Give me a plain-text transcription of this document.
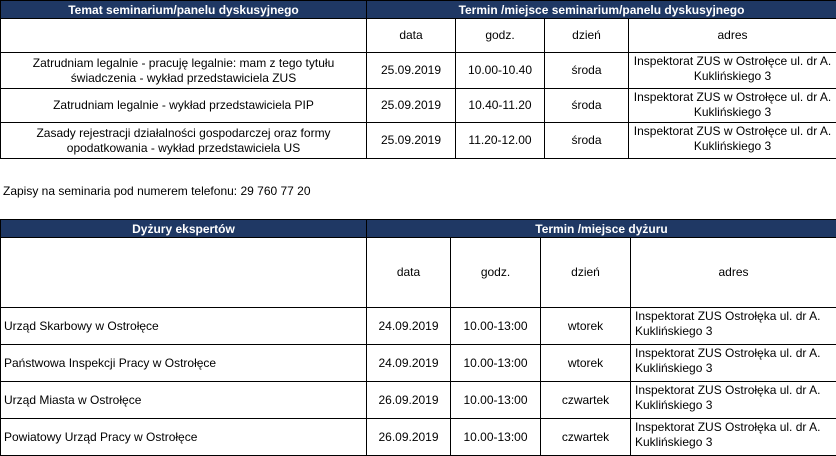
Temat seminarium/panelu dyskusyjnego	Termin /miejsce seminarium/panelu dyskusyjnego			
	data	godz.	dzień	adres
Zatrudniam legalnie - pracuję legalnie: mam z tego tytułu świadczenia - wykład przedstawiciela ZUS	25.09.2019	10.00-10.40	środa	Inspektorat ZUS w Ostrołęce ul. dr A. Kuklińskiego 3
Zatrudniam legalnie - wykład przedstawiciela PIP	25.09.2019	10.40-11.20	środa	Inspektorat ZUS w Ostrołęce ul. dr A. Kuklińskiego 3
Zasady rejestracji działalności gospodarczej oraz formy opodatkowania - wykład przedstawiciela US	25.09.2019	11.20-12.00	środa	Inspektorat ZUS w Ostrołęce ul. dr A. Kuklińskiego 3
Zapisy na seminaria pod numerem telefonu: 29 760 77 20
Dyżury ekspertów	Termin /miejsce dyżuru			
	data	godz.	dzień	adres
Urząd Skarbowy w Ostrołęce	24.09.2019	10.00-13:00	wtorek	Inspektorat ZUS Ostrołęka ul. dr A. Kuklińskiego 3
Państwowa Inspekcji Pracy w Ostrołęce	24.09.2019	10.00-13:00	wtorek	Inspektorat ZUS Ostrołęka ul. dr A. Kuklińskiego 3
Urząd Miasta w Ostrołęce	26.09.2019	10.00-13:00	czwartek	Inspektorat ZUS Ostrołęka ul. dr A. Kuklińskiego 3
Powiatowy Urząd Pracy w Ostrołęce	26.09.2019	10.00-13:00	czwartek	Inspektorat ZUS Ostrołęka ul. dr A. Kuklińskiego 3
